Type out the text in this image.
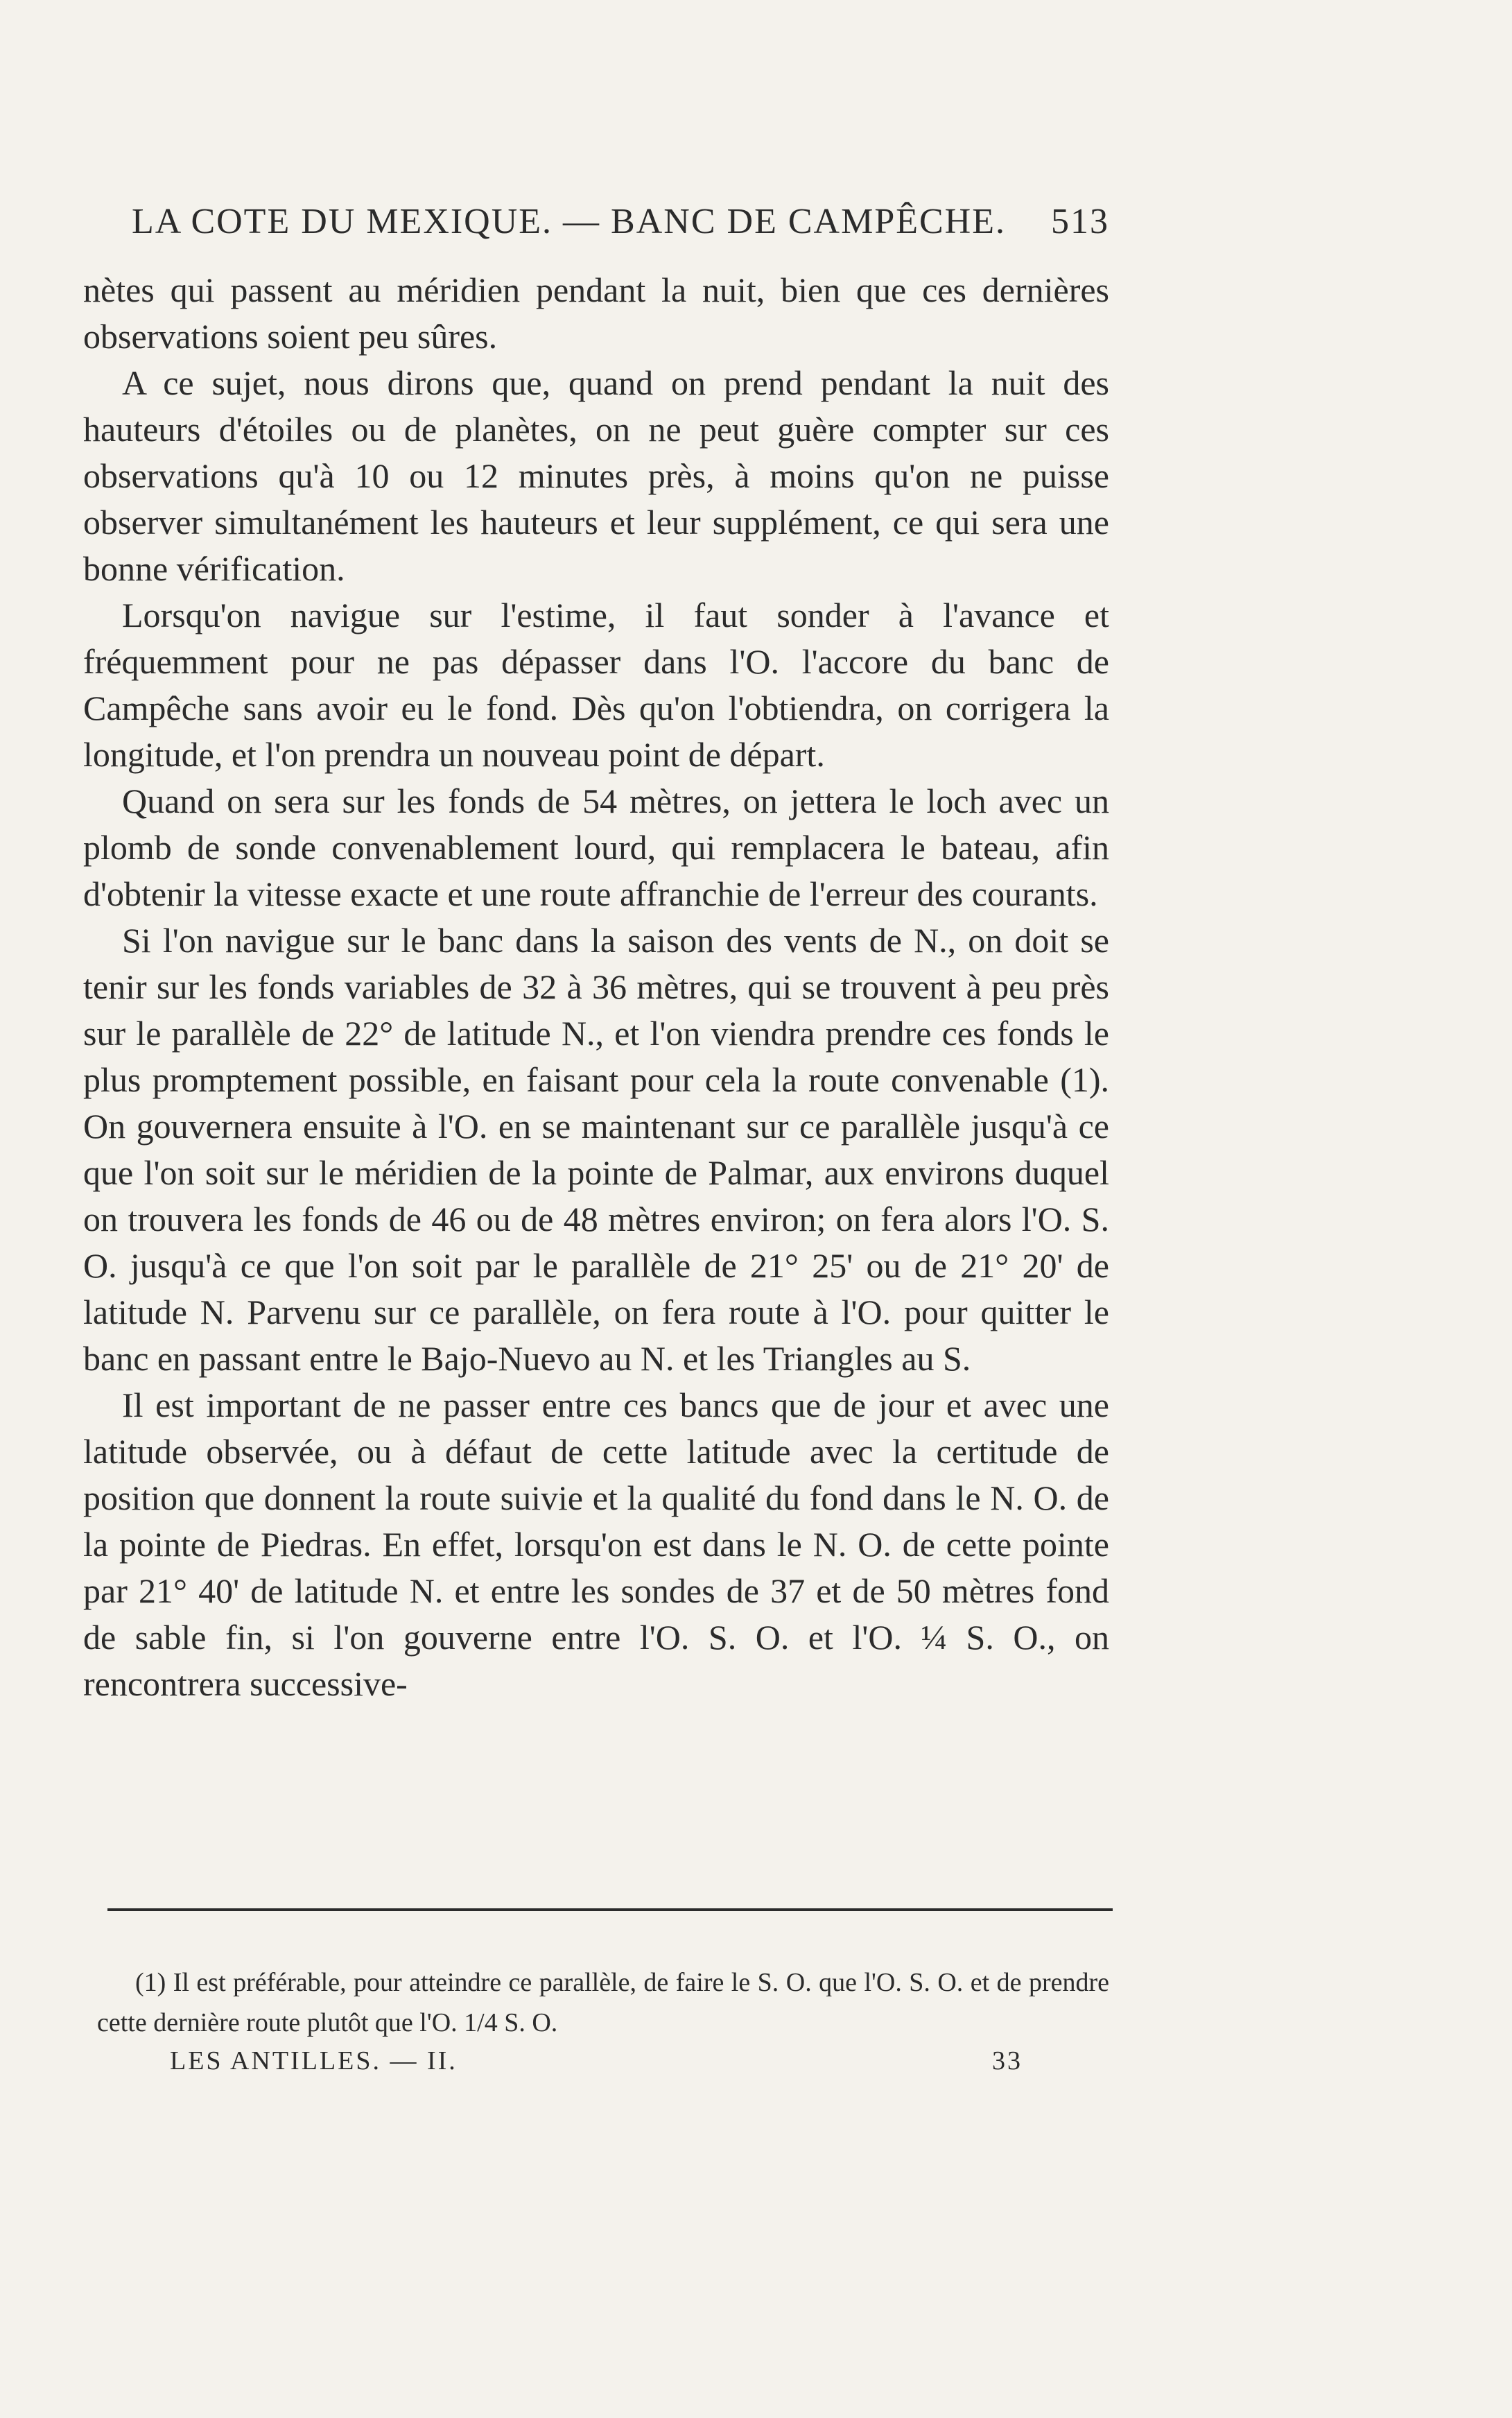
LA COTE DU MEXIQUE. — BANC DE CAMPÊCHE. 513

nètes qui passent au méridien pendant la nuit, bien que ces dernières observations soient peu sûres.

A ce sujet, nous dirons que, quand on prend pendant la nuit des hauteurs d'étoiles ou de planètes, on ne peut guère compter sur ces observations qu'à 10 ou 12 minutes près, à moins qu'on ne puisse observer simultanément les hauteurs et leur supplément, ce qui sera une bonne vérification.

Lorsqu'on navigue sur l'estime, il faut sonder à l'avance et fréquemment pour ne pas dépasser dans l'O. l'accore du banc de Campêche sans avoir eu le fond. Dès qu'on l'obtiendra, on corrigera la longitude, et l'on prendra un nouveau point de départ.

Quand on sera sur les fonds de 54 mètres, on jettera le loch avec un plomb de sonde convenablement lourd, qui remplacera le bateau, afin d'obtenir la vitesse exacte et une route affranchie de l'erreur des courants.

Si l'on navigue sur le banc dans la saison des vents de N., on doit se tenir sur les fonds variables de 32 à 36 mètres, qui se trouvent à peu près sur le parallèle de 22° de latitude N., et l'on viendra prendre ces fonds le plus promptement possible, en faisant pour cela la route convenable (1). On gouvernera ensuite à l'O. en se maintenant sur ce parallèle jusqu'à ce que l'on soit sur le méridien de la pointe de Palmar, aux environs duquel on trouvera les fonds de 46 ou de 48 mètres environ; on fera alors l'O. S. O. jusqu'à ce que l'on soit par le parallèle de 21° 25' ou de 21° 20' de latitude N. Parvenu sur ce parallèle, on fera route à l'O. pour quitter le banc en passant entre le Bajo-Nuevo au N. et les Triangles au S.

Il est important de ne passer entre ces bancs que de jour et avec une latitude observée, ou à défaut de cette latitude avec la certitude de position que donnent la route suivie et la qualité du fond dans le N. O. de la pointe de Piedras. En effet, lorsqu'on est dans le N. O. de cette pointe par 21° 40' de latitude N. et entre les sondes de 37 et de 50 mètres fond de sable fin, si l'on gouverne entre l'O. S. O. et l'O. ¼ S. O., on rencontrera successive-

(1) Il est préférable, pour atteindre ce parallèle, de faire le S. O. que l'O. S. O. et de prendre cette dernière route plutôt que l'O. 1/4 S. O.
LES ANTILLES. — II.	33
